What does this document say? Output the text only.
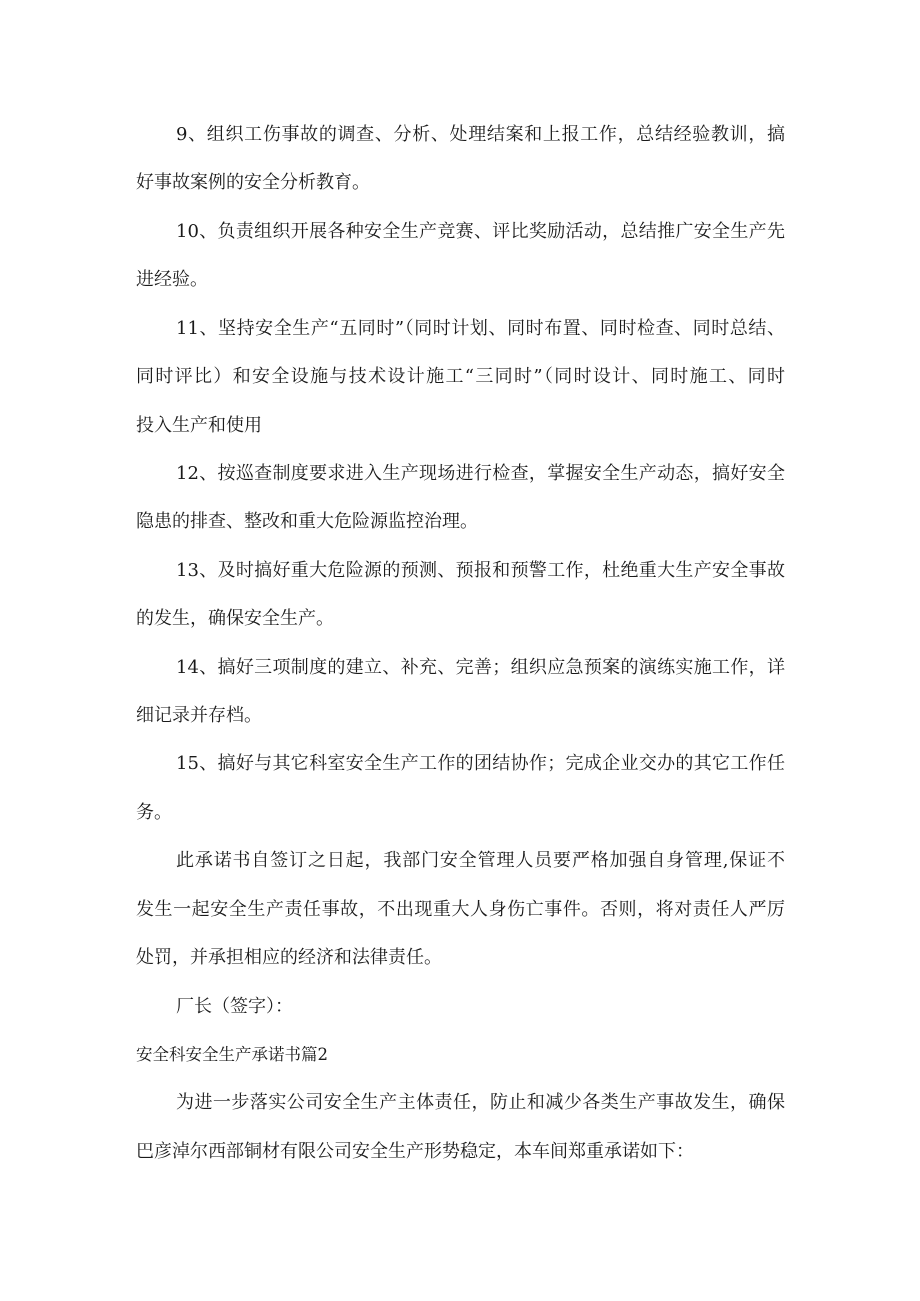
9、组织工伤事故的调查、分析、处理结案和上报工作，总结经验教训，搞
好事故案例的安全分析教育。
10、负责组织开展各种安全生产竞赛、评比奖励活动，总结推广安全生产先
进经验。
11、坚持安全生产“五同时”（同时计划、同时布置、同时检查、同时总结、
同时评比）和安全设施与技术设计施工“三同时”（同时设计、同时施工、同时
投入生产和使用
12、按巡查制度要求进入生产现场进行检查，掌握安全生产动态，搞好安全
隐患的排查、整改和重大危险源监控治理。
13、及时搞好重大危险源的预测、预报和预警工作，杜绝重大生产安全事故
的发生，确保安全生产。
14、搞好三项制度的建立、补充、完善；组织应急预案的演练实施工作，详
细记录并存档。
15、搞好与其它科室安全生产工作的团结协作；完成企业交办的其它工作任
务。
此承诺书自签订之日起，我部门安全管理人员要严格加强自身管理,保证不
发生一起安全生产责任事故，不出现重大人身伤亡事件。否则，将对责任人严厉
处罚，并承担相应的经济和法律责任。
厂长（签字）：
安全科安全生产承诺书篇2
为进一步落实公司安全生产主体责任，防止和减少各类生产事故发生，确保
巴彦淖尔西部铜材有限公司安全生产形势稳定，本车间郑重承诺如下：
